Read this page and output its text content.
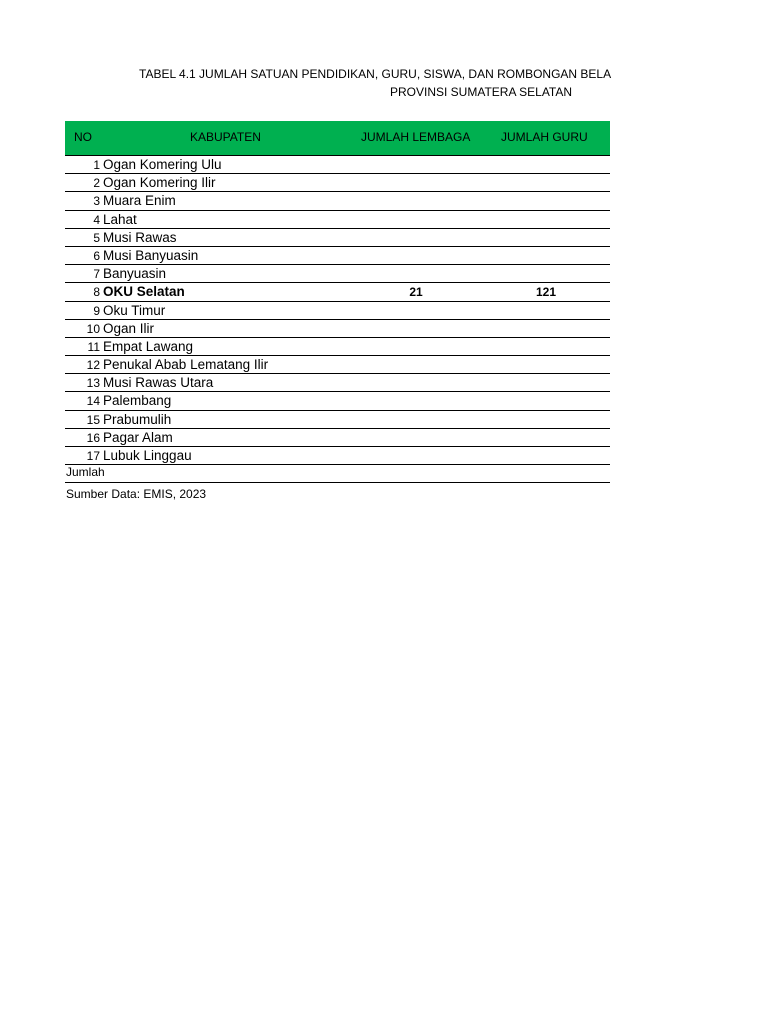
TABEL 4.1 JUMLAH SATUAN PENDIDIKAN, GURU, SISWA, DAN ROMBONGAN BELA
PROVINSI SUMATERA SELATAN
NO	KABUPATEN	JUMLAH LEMBAGA	JUMLAH GURU
1 Ogan Komering Ulu
2 Ogan Komering Ilir
3 Muara Enim
4 Lahat
5 Musi Rawas
6 Musi Banyuasin
7 Banyuasin
8 OKU Selatan	21	121
9 Oku Timur
10 Ogan Ilir
11 Empat Lawang
12 Penukal Abab Lematang Ilir
13 Musi Rawas Utara
14 Palembang
15 Prabumulih
16 Pagar Alam
17 Lubuk Linggau
Jumlah
Sumber Data: EMIS, 2023
